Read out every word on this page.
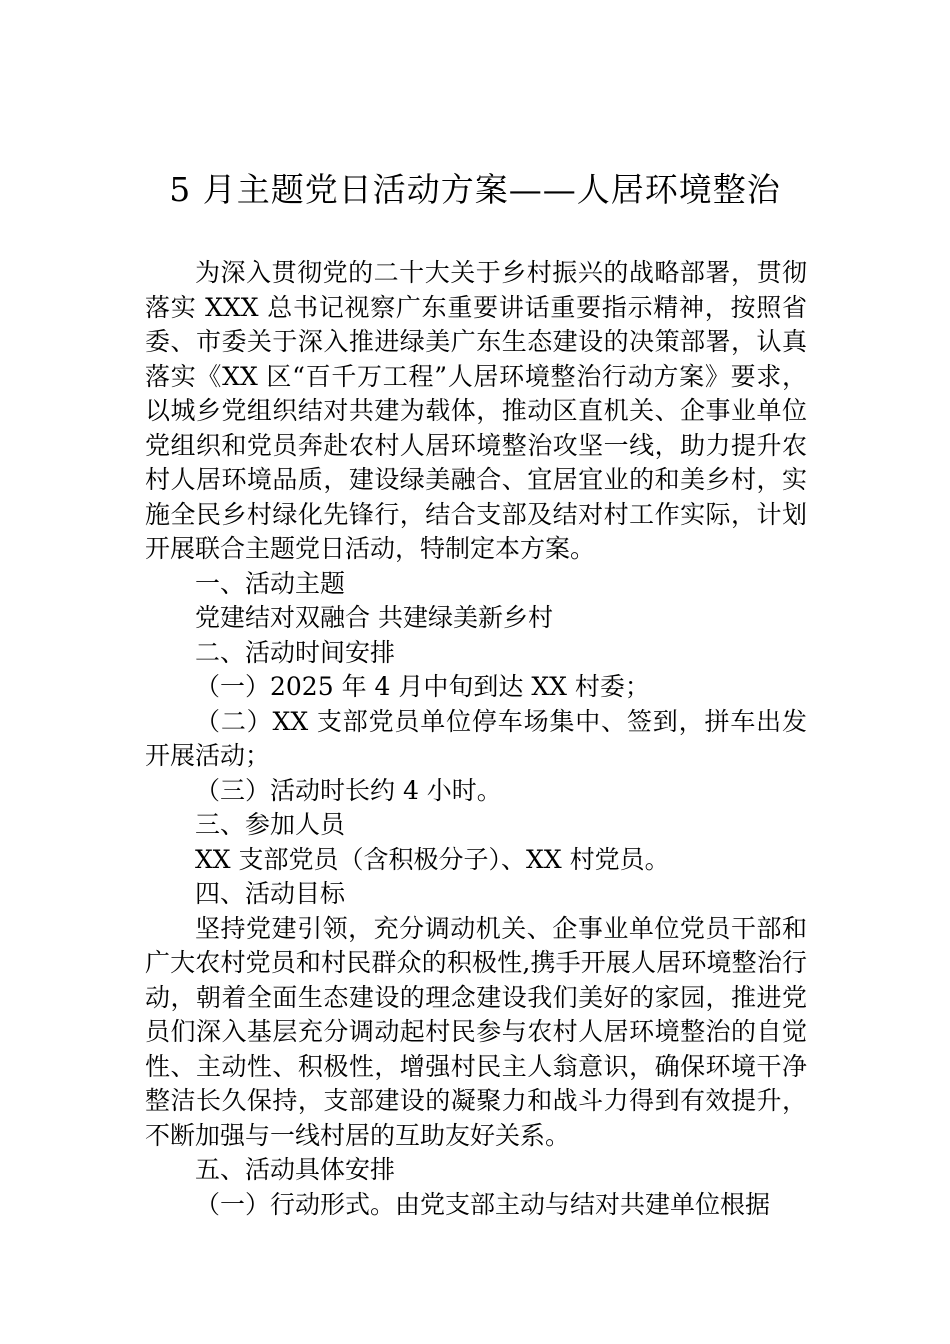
5 月主题党日活动方案——人居环境整治

为深入贯彻党的二十大关于乡村振兴的战略部署，贯彻落实 XXX 总书记视察广东重要讲话重要指示精神，按照省委、市委关于深入推进绿美广东生态建设的决策部署，认真落实《XX 区“百千万工程”人居环境整治行动方案》要求，以城乡党组织结对共建为载体，推动区直机关、企事业单位党组织和党员奔赴农村人居环境整治攻坚一线，助力提升农村人居环境品质，建设绿美融合、宜居宜业的和美乡村，实施全民乡村绿化先锋行，结合支部及结对村工作实际，计划开展联合主题党日活动，特制定本方案。

一、活动主题

党建结对双融合 共建绿美新乡村

二、活动时间安排

（一）2025 年 4 月中旬到达 XX 村委；

（二）XX 支部党员单位停车场集中、签到，拼车出发开展活动；

（三）活动时长约 4 小时。

三、参加人员

XX 支部党员（含积极分子）、XX 村党员。

四、活动目标

坚持党建引领，充分调动机关、企事业单位党员干部和广大农村党员和村民群众的积极性,携手开展人居环境整治行动，朝着全面生态建设的理念建设我们美好的家园，推进党员们深入基层充分调动起村民参与农村人居环境整治的自觉性、主动性、积极性，增强村民主人翁意识，确保环境干净整洁长久保持，支部建设的凝聚力和战斗力得到有效提升，不断加强与一线村居的互助友好关系。

五、活动具体安排

（一）行动形式。由党支部主动与结对共建单位根据
